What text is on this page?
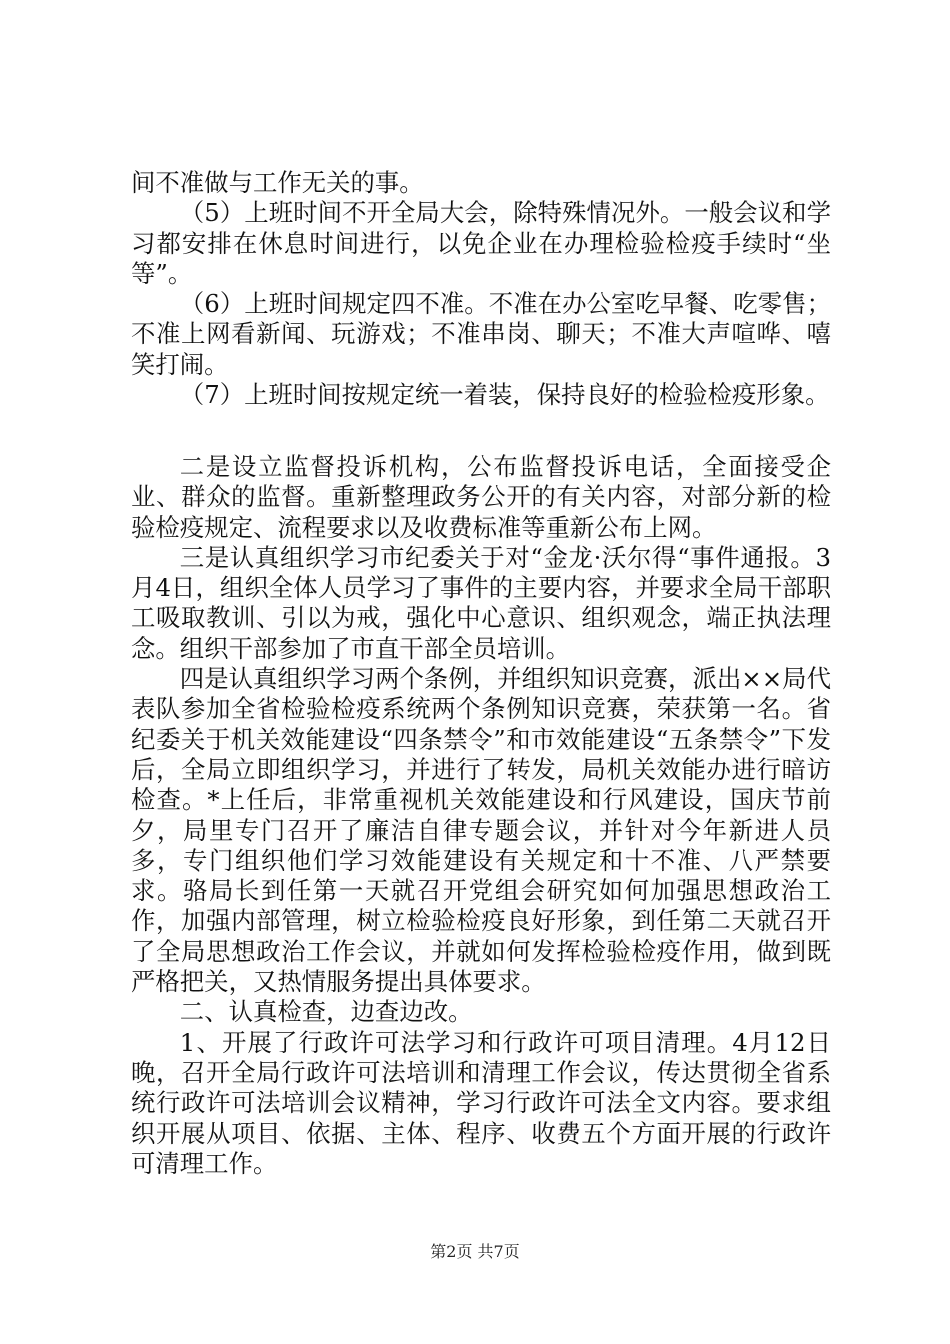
间不准做与工作无关的事。

（5）上班时间不开全局大会，除特殊情况外。一般会议和学习都安排在休息时间进行，以免企业在办理检验检疫手续时“坐等”。

（6）上班时间规定四不准。不准在办公室吃早餐、吃零售；不准上网看新闻、玩游戏；不准串岗、聊天；不准大声喧哗、嘻笑打闹。

（7）上班时间按规定统一着装，保持良好的检验检疫形象。

二是设立监督投诉机构，公布监督投诉电话，全面接受企业、群众的监督。重新整理政务公开的有关内容，对部分新的检验检疫规定、流程要求以及收费标准等重新公布上网。

三是认真组织学习市纪委关于对“金龙·沃尔得“事件通报。3月4日，组织全体人员学习了事件的主要内容，并要求全局干部职工吸取教训、引以为戒，强化中心意识、组织观念，端正执法理念。组织干部参加了市直干部全员培训。

四是认真组织学习两个条例，并组织知识竞赛，派出××局代表队参加全省检验检疫系统两个条例知识竞赛，荣获第一名。省纪委关于机关效能建设“四条禁令”和市效能建设“五条禁令”下发后，全局立即组织学习，并进行了转发，局机关效能办进行暗访检查。*上任后，非常重视机关效能建设和行风建设，国庆节前夕，局里专门召开了廉洁自律专题会议，并针对今年新进人员多，专门组织他们学习效能建设有关规定和十不准、八严禁要求。骆局长到任第一天就召开党组会研究如何加强思想政治工作，加强内部管理，树立检验检疫良好形象，到任第二天就召开了全局思想政治工作会议，并就如何发挥检验检疫作用，做到既严格把关，又热情服务提出具体要求。

二、认真检查，边查边改。

1、开展了行政许可法学习和行政许可项目清理。4月12日晚，召开全局行政许可法培训和清理工作会议，传达贯彻全省系统行政许可法培训会议精神，学习行政许可法全文内容。要求组织开展从项目、依据、主体、程序、收费五个方面开展的行政许可清理工作。

第2页 共7页
